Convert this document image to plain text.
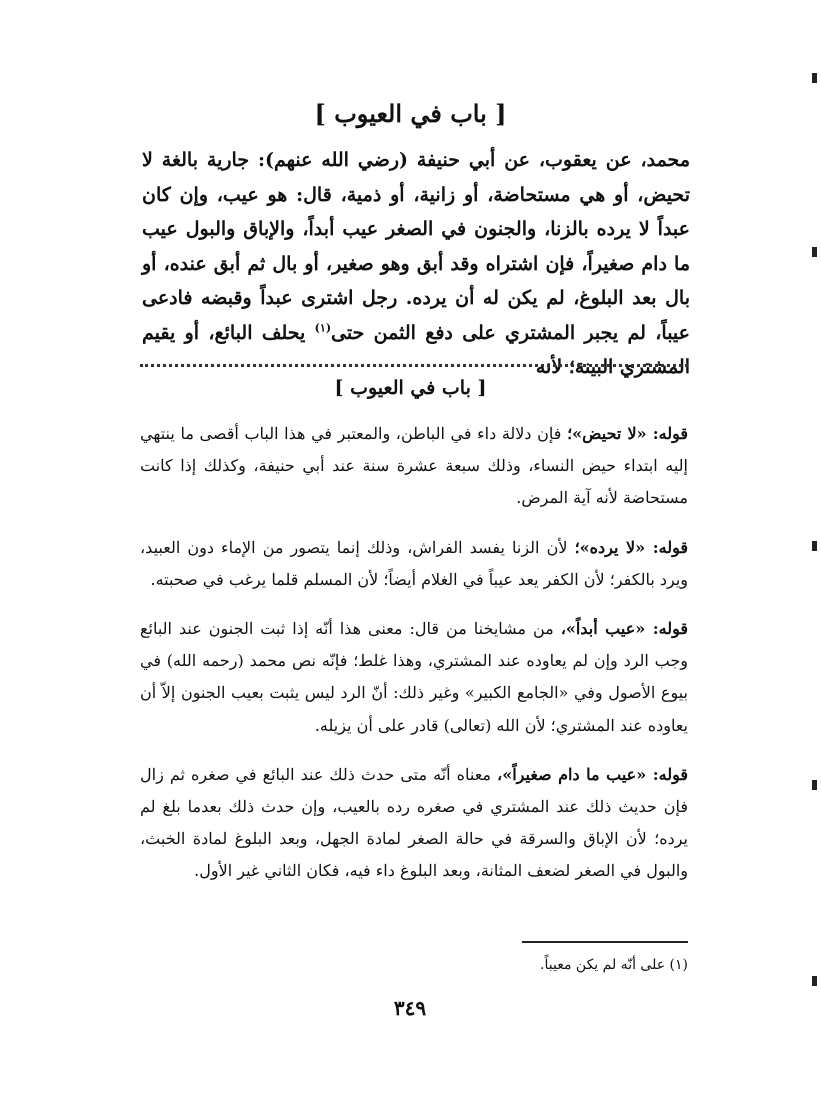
[ باب في العيوب ]

محمد، عن يعقوب، عن أبي حنيفة (رضي الله عنهم): جارية بالغة لا تحيض، أو هي مستحاضة، أو زانية، أو ذمية، قال: هو عيب، وإن كان عبداً لا يرده بالزنا، والجنون في الصغر عيب أبداً، والإباق والبول عيب ما دام صغيراً، فإن اشتراه وقد أبق وهو صغير، أو بال ثم أبق عنده، أو بال بعد البلوغ، لم يكن له أن يرده. رجل اشترى عبداً وقبضه فادعى عيباً، لم يجبر المشتري على دفع الثمن حتى$^{(١)}$ يحلف البائع، أو يقيم المشتري البينة؛ لأنه

[ باب في العيوب ]

قوله: «لا تحيض»؛ فإن دلالة داء في الباطن، والمعتبر في هذا الباب أقصى ما ينتهي إليه ابتداء حيض النساء، وذلك سبعة عشرة سنة عند أبي حنيفة، وكذلك إذا كانت مستحاضة لأنه آية المرض.

قوله: «لا يرده»؛ لأن الزنا يفسد الفراش، وذلك إنما يتصور من الإماء دون العبيد، ويرد بالكفر؛ لأن الكفر يعد عيباً في الغلام أيضاً؛ لأن المسلم قلما يرغب في صحبته.

قوله: «عيب أبداً»، من مشايخنا من قال: معنى هذا أنّه إذا ثبت الجنون عند البائع وجب الرد وإن لم يعاوده عند المشتري، وهذا غلط؛ فإنّه نص محمد (رحمه الله) في بيوع الأصول وفي «الجامع الكبير» وغير ذلك: أنّ الرد ليس يثبت بعيب الجنون إلاّ أن يعاوده عند المشتري؛ لأن الله (تعالى) قادر على أن يزيله.

قوله: «عيب ما دام صغيراً»، معناه أنّه متى حدث ذلك عند البائع في صغره ثم زال فإن حديث ذلك عند المشتري في صغره رده بالعيب، وإن حدث ذلك بعدما بلغ لم يرده؛ لأن الإباق والسرقة في حالة الصغر لمادة الجهل، وبعد البلوغ لمادة الخبث، والبول في الصغر لضعف المثانة، وبعد البلوغ داء فيه، فكان الثاني غير الأول.

(١) على أنّه لم يكن معيباً.
٣٤٩
